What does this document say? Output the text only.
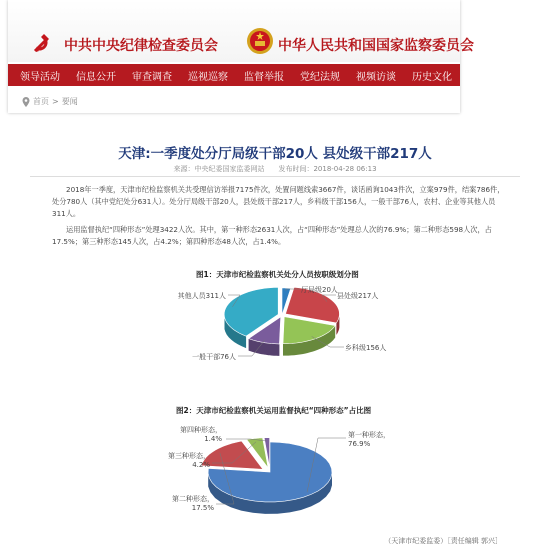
中共中央纪律检查委员会	中华人民共和国国家监察委员会
领导活动	信息公开	审查调查	巡视巡察	监督举报	党纪法规	视频访谈	历史文化
首页 > 要闻
天津:一季度处分厅局级干部20人 县处级干部217人
来源：中央纪委国家监委网站　　发布时间：2018-04-28 06:13
2018年一季度，天津市纪检监察机关共受理信访举报7175件次，处置问题线索3667件，谈话函询1043件次，立案979件，结案786件，处分780人（其中党纪处分631人）。处分厅局级干部20人，县处级干部217人，乡科级干部156人，一般干部76人，农村、企业等其他人员311人。
运用监督执纪“四种形态”处理3422人次。其中，第一种形态2631人次，占“四种形态”处理总人次的76.9%；第二种形态598人次，占17.5%；第三种形态145人次，占4.2%；第四种形态48人次，占1.4%。
图1：天津市纪检监察机关处分人员按职级划分图
厅局级20人
县处级217人
乡科级156人
一般干部76人
其他人员311人
第一种形态，
76.9%
第二种形态，
17.5%
第三种形态，
4.2%
第四种形态，
1.4%
图2：天津市纪检监察机关运用监督执纪“四种形态”占比图
（天津市纪委监委）［责任编辑 郭兴］
